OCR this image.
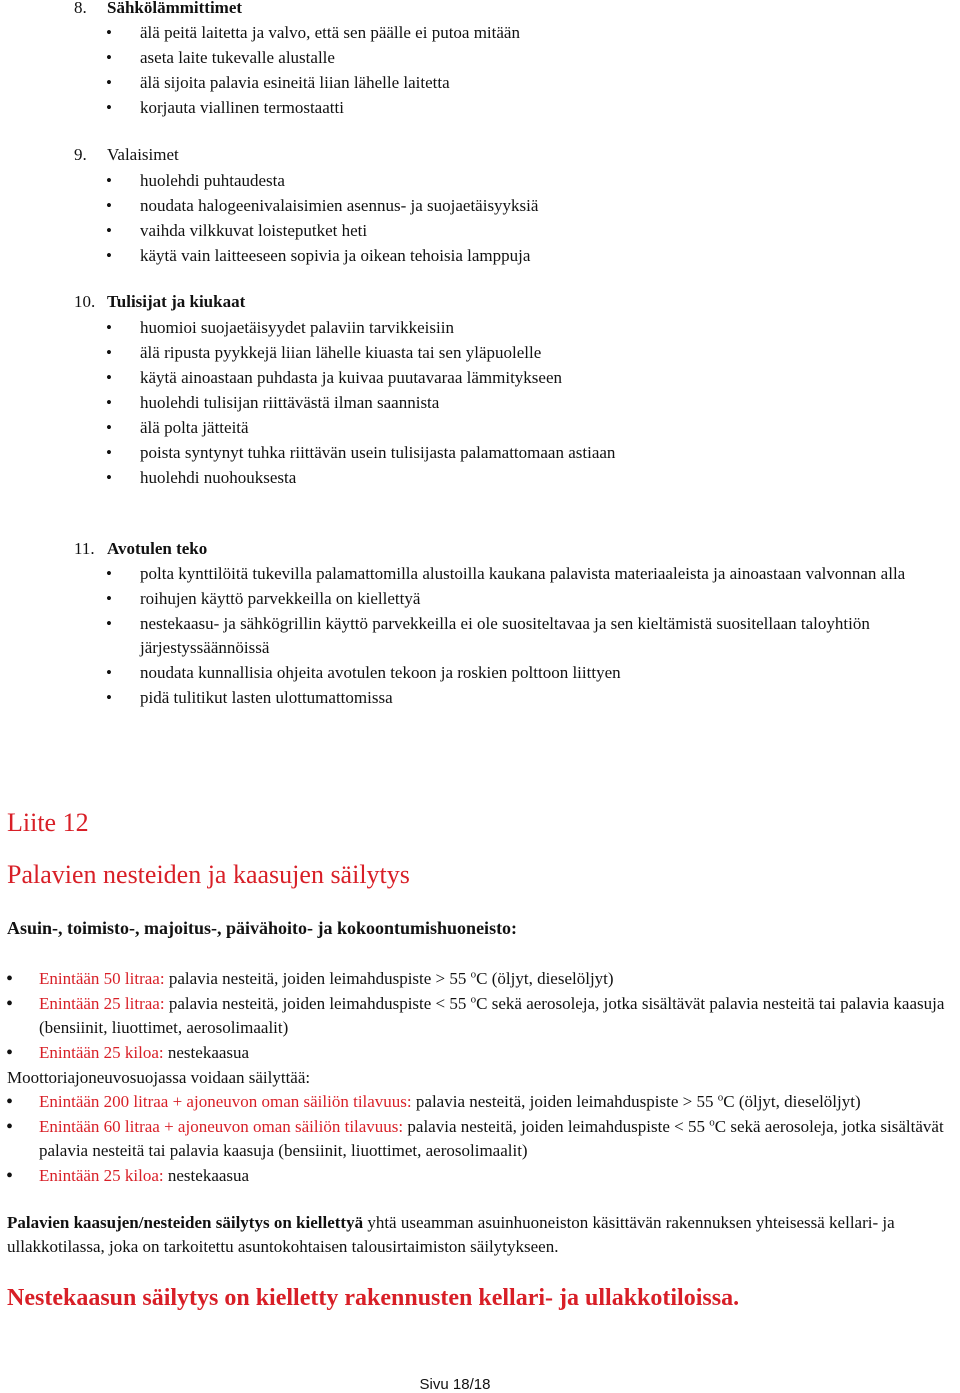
8. Sähkölämmittimet
• älä peitä laitetta ja valvo, että sen päälle ei putoa mitään
• aseta laite tukevalle alustalle
• älä sijoita palavia esineitä liian lähelle laitetta
• korjauta viallinen termostaatti
9. Valaisimet
• huolehdi puhtaudesta
• noudata halogeenivalaisimien asennus- ja suojaetäisyyksiä
• vaihda vilkkuvat loisteputket heti
• käytä vain laitteeseen sopivia ja oikean tehoisia lamppuja
10. Tulisijat ja kiukaat
• huomioi suojaetäisyydet palaviin tarvikkeisiin
• älä ripusta pyykkejä liian lähelle kiuasta tai sen yläpuolelle
• käytä ainoastaan puhdasta ja kuivaa puutavaraa lämmitykseen
• huolehdi tulisijan riittävästä ilman saannista
• älä polta jätteitä
• poista syntynyt tuhka riittävän usein tulisijasta palamattomaan astiaan
• huolehdi nuohouksesta
11. Avotulen teko
• polta kynttilöitä tukevilla palamattomilla alustoilla kaukana palavista materiaaleista ja ainoastaan valvonnan alla
• roihujen käyttö parvekkeilla on kiellettyä
• nestekaasu- ja sähkögrillin käyttö parvekkeilla ei ole suositeltavaa ja sen kieltämistä suositellaan taloyhtiön järjestyssäännöissä
• noudata kunnallisia ohjeita avotulen tekoon ja roskien polttoon liittyen
• pidä tulitikut lasten ulottumattomissa
Liite 12
Palavien nesteiden ja kaasujen säilytys
Asuin-, toimisto-, majoitus-, päivähoito- ja kokoontumishuoneisto:
• Enintään 50 litraa: palavia nesteitä, joiden leimahduspiste > 55 $^o$C (öljyt, dieselöljyt)
• Enintään 25 litraa: palavia nesteitä, joiden leimahduspiste < 55 $^o$C sekä aerosoleja, jotka sisältävät palavia nesteitä tai palavia kaasuja (bensiinit, liuottimet, aerosolimaalit)
• Enintään 25 kiloa: nestekaasua
Moottoriajoneuvosuojassa voidaan säilyttää:
• Enintään 200 litraa + ajoneuvon oman säiliön tilavuus: palavia nesteitä, joiden leimahduspiste > 55 $^o$C (öljyt, dieselöljyt)
• Enintään 60 litraa + ajoneuvon oman säiliön tilavuus: palavia nesteitä, joiden leimahduspiste < 55 $^o$C sekä aerosoleja, jotka sisältävät palavia nesteitä tai palavia kaasuja (bensiinit, liuottimet, aerosolimaalit)
• Enintään 25 kiloa: nestekaasua
Palavien kaasujen/nesteiden säilytys on kiellettyä yhtä useamman asuinhuoneiston käsittävän rakennuksen yhteisessä kellari- ja ullakkotilassa, joka on tarkoitettu asuntokohtaisen talousirtaimiston säilytykseen.
Nestekaasun säilytys on kielletty rakennusten kellari- ja ullakkotiloissa.
Sivu 18/18
